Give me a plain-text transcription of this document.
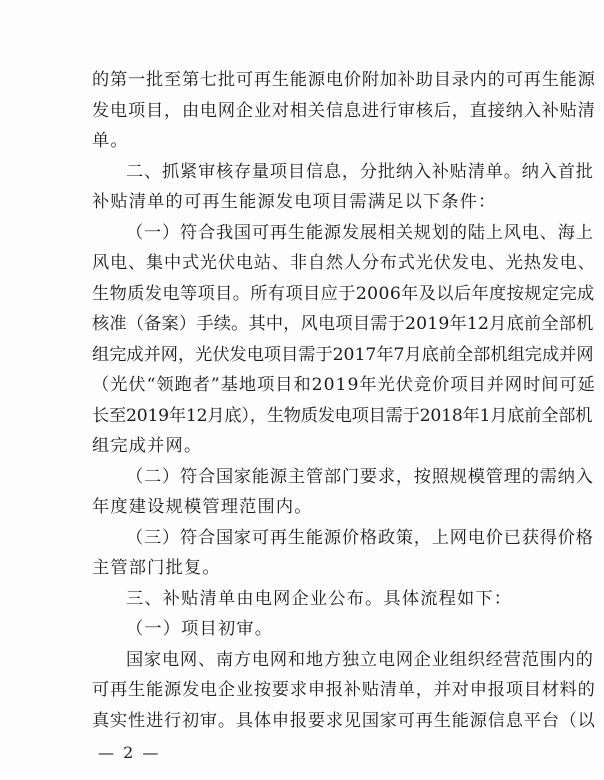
的第一批至第七批可再生能源电价附加补助目录内的可再生能源
发电项目，由电网企业对相关信息进行审核后，直接纳入补贴清
单。
二、抓紧审核存量项目信息，分批纳入补贴清单。纳入首批
补贴清单的可再生能源发电项目需满足以下条件：
（一）符合我国可再生能源发展相关规划的陆上风电、海上
风电、集中式光伏电站、非自然人分布式光伏发电、光热发电、
生物质发电等项目。所有项目应于2006年及以后年度按规定完成
核准（备案）手续。其中，风电项目需于2019年12月底前全部机
组完成并网，光伏发电项目需于2017年7月底前全部机组完成并网
（光伏“领跑者”基地项目和2019年光伏竞价项目并网时间可延
长至2019年12月底），生物质发电项目需于2018年1月底前全部机
组完成并网。
（二）符合国家能源主管部门要求，按照规模管理的需纳入
年度建设规模管理范围内。
（三）符合国家可再生能源价格政策，上网电价已获得价格
主管部门批复。
三、补贴清单由电网企业公布。具体流程如下：
（一）项目初审。
国家电网、南方电网和地方独立电网企业组织经营范围内的
可再生能源发电企业按要求申报补贴清单，并对申报项目材料的
真实性进行初审。具体申报要求见国家可再生能源信息平台（以
— 2 —
